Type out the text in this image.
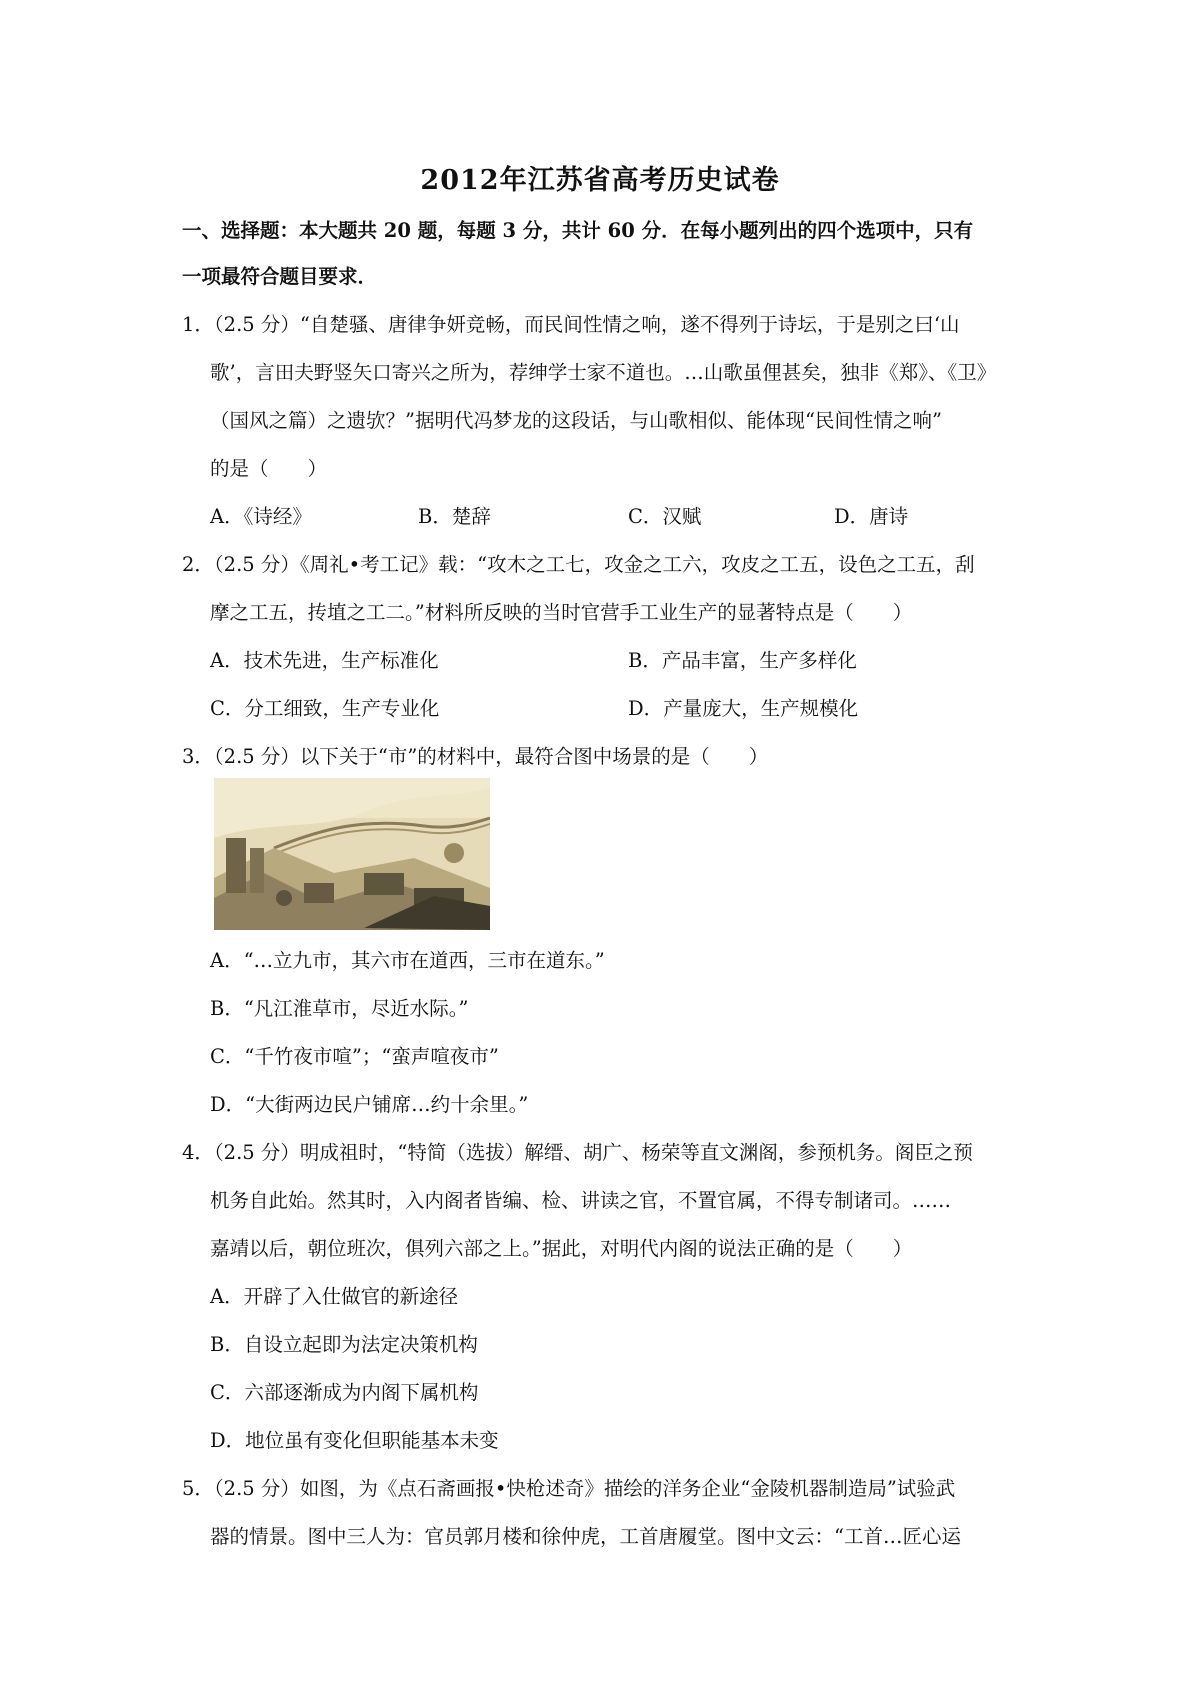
2012年江苏省高考历史试卷
一、选择题：本大题共 20 题，每题 3 分，共计 60 分．在每小题列出的四个选项中，只有
一项最符合题目要求．
1．（2.5 分）“自楚骚、唐律争妍竞畅，而民间性情之响，遂不得列于诗坛，于是别之曰‘山
歌’，言田夫野竖矢口寄兴之所为，荐绅学士家不道也。…山歌虽俚甚矣，独非《郑》、《卫》
（国风之篇）之遗欤？”据明代冯梦龙的这段话，与山歌相似、能体现“民间性情之响”
的是（　　）
A．《诗经》	B．楚辞	C．汉赋	D．唐诗
2．（2.5 分）《周礼•考工记》载：“攻木之工七，攻金之工六，攻皮之工五，设色之工五，刮
摩之工五，抟埴之工二。”材料所反映的当时官营手工业生产的显著特点是（　　）
A．技术先进，生产标准化	B．产品丰富，生产多样化
C．分工细致，生产专业化	D．产量庞大，生产规模化
3．（2.5 分）以下关于“市”的材料中，最符合图中场景的是（　　）
A．“…立九市，其六市在道西，三市在道东。”
B．“凡江淮草市，尽近水际。”
C．“千竹夜市喧”；“蛮声喧夜市”
D．“大街两边民户铺席…约十余里。”
4．（2.5 分）明成祖时，“特简（选拔）解缙、胡广、杨荣等直文渊阁，参预机务。阁臣之预
机务自此始。然其时，入内阁者皆编、检、讲读之官，不置官属，不得专制诸司。……
嘉靖以后，朝位班次，俱列六部之上。”据此，对明代内阁的说法正确的是（　　）
A．开辟了入仕做官的新途径
B．自设立起即为法定决策机构
C．六部逐渐成为内阁下属机构
D．地位虽有变化但职能基本未变
5．（2.5 分）如图，为《点石斋画报•快枪述奇》描绘的洋务企业“金陵机器制造局”试验武
器的情景。图中三人为：官员郭月楼和徐仲虎，工首唐履堂。图中文云：“工首…匠心运
